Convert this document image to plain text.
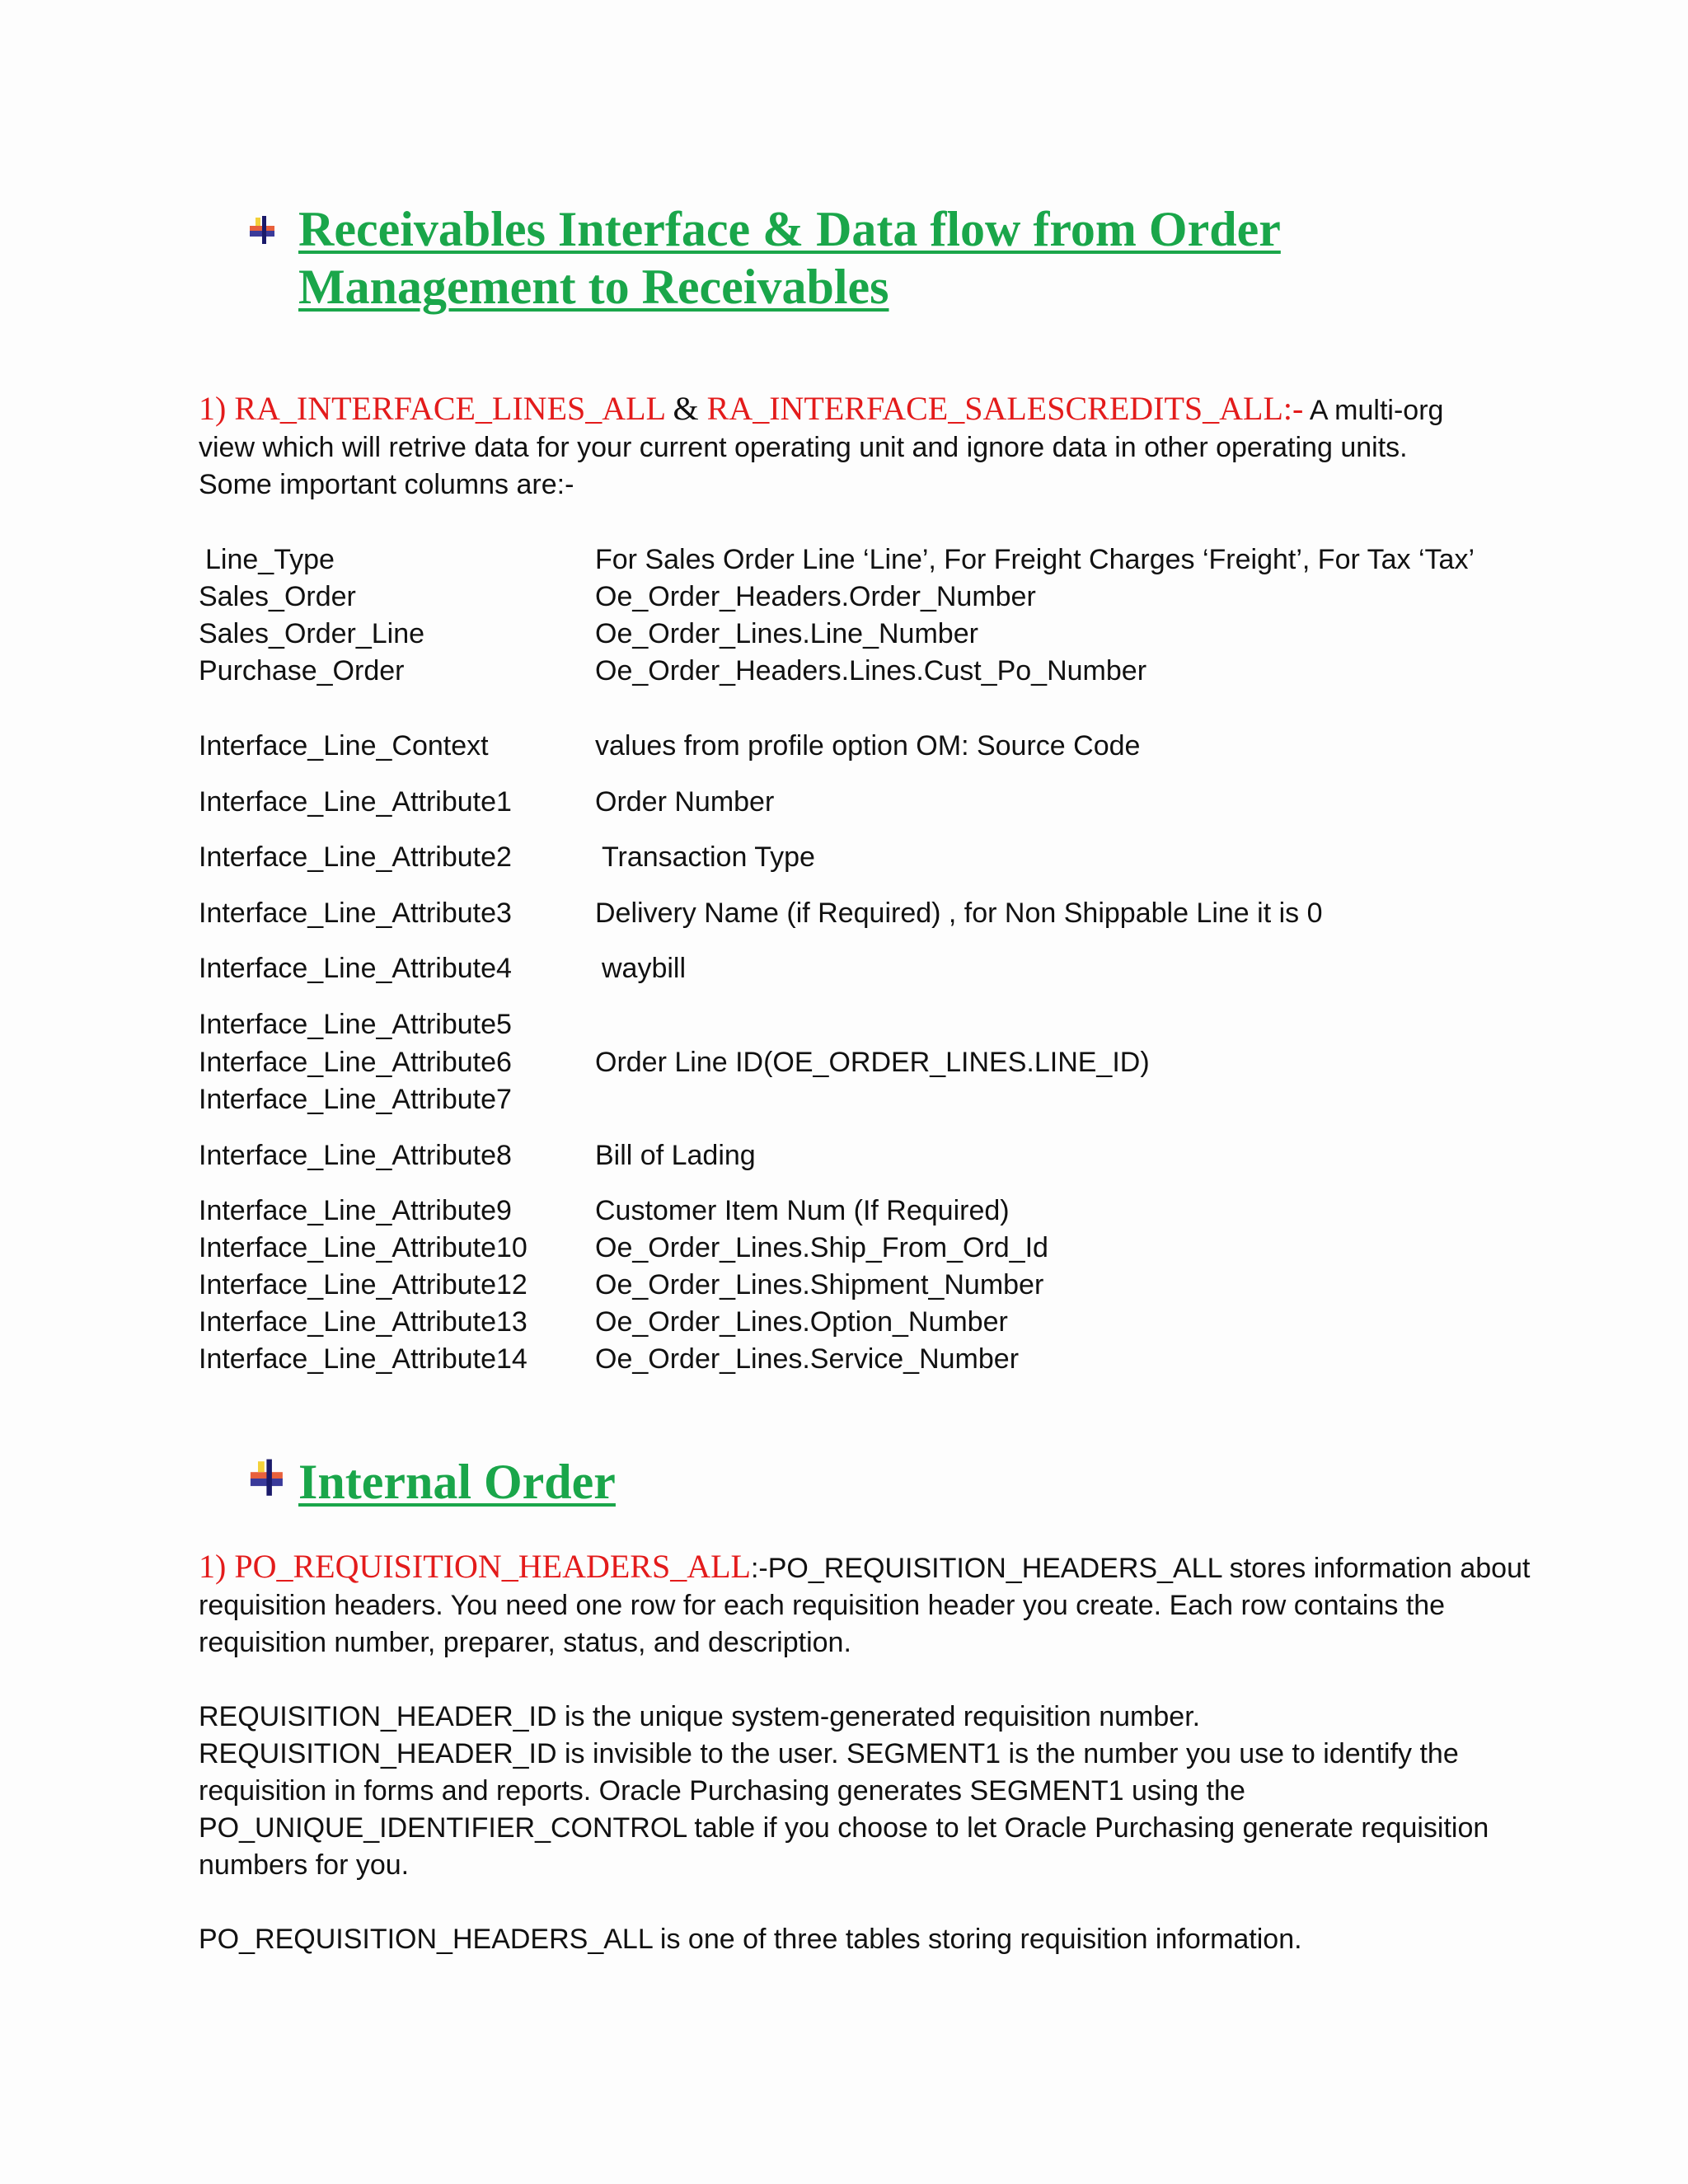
Receivables Interface & Data flow from Order
Management to Receivables
1) RA_INTERFACE_LINES_ALL & RA_INTERFACE_SALESCREDITS_ALL:- A multi-org
view which will retrive data for your current operating unit and ignore data in other operating units.
Some important columns are:-
Line_Type	For Sales Order Line ‘Line’, For Freight Charges ‘Freight’, For Tax ‘Tax’
Sales_Order	Oe_Order_Headers.Order_Number
Sales_Order_Line	Oe_Order_Lines.Line_Number
Purchase_Order	Oe_Order_Headers.Lines.Cust_Po_Number
Interface_Line_Context	values from profile option OM: Source Code
Interface_Line_Attribute1	Order Number
Interface_Line_Attribute2	Transaction Type
Interface_Line_Attribute3	Delivery Name (if Required) , for Non Shippable Line it is 0
Interface_Line_Attribute4	waybill
Interface_Line_Attribute5
Interface_Line_Attribute6	Order Line ID(OE_ORDER_LINES.LINE_ID)
Interface_Line_Attribute7
Interface_Line_Attribute8	Bill of Lading
Interface_Line_Attribute9	Customer Item Num (If Required)
Interface_Line_Attribute10 Oe_Order_Lines.Ship_From_Ord_Id
Interface_Line_Attribute12 Oe_Order_Lines.Shipment_Number
Interface_Line_Attribute13 Oe_Order_Lines.Option_Number
Interface_Line_Attribute14 Oe_Order_Lines.Service_Number
Internal Order
1) PO_REQUISITION_HEADERS_ALL:-PO_REQUISITION_HEADERS_ALL stores information about
requisition headers. You need one row for each requisition header you create. Each row contains the
requisition number, preparer, status, and description.
REQUISITION_HEADER_ID is the unique system-generated requisition number.
REQUISITION_HEADER_ID is invisible to the user. SEGMENT1 is the number you use to identify the
requisition in forms and reports. Oracle Purchasing generates SEGMENT1 using the
PO_UNIQUE_IDENTIFIER_CONTROL table if you choose to let Oracle Purchasing generate requisition
numbers for you.
PO_REQUISITION_HEADERS_ALL is one of three tables storing requisition information.
